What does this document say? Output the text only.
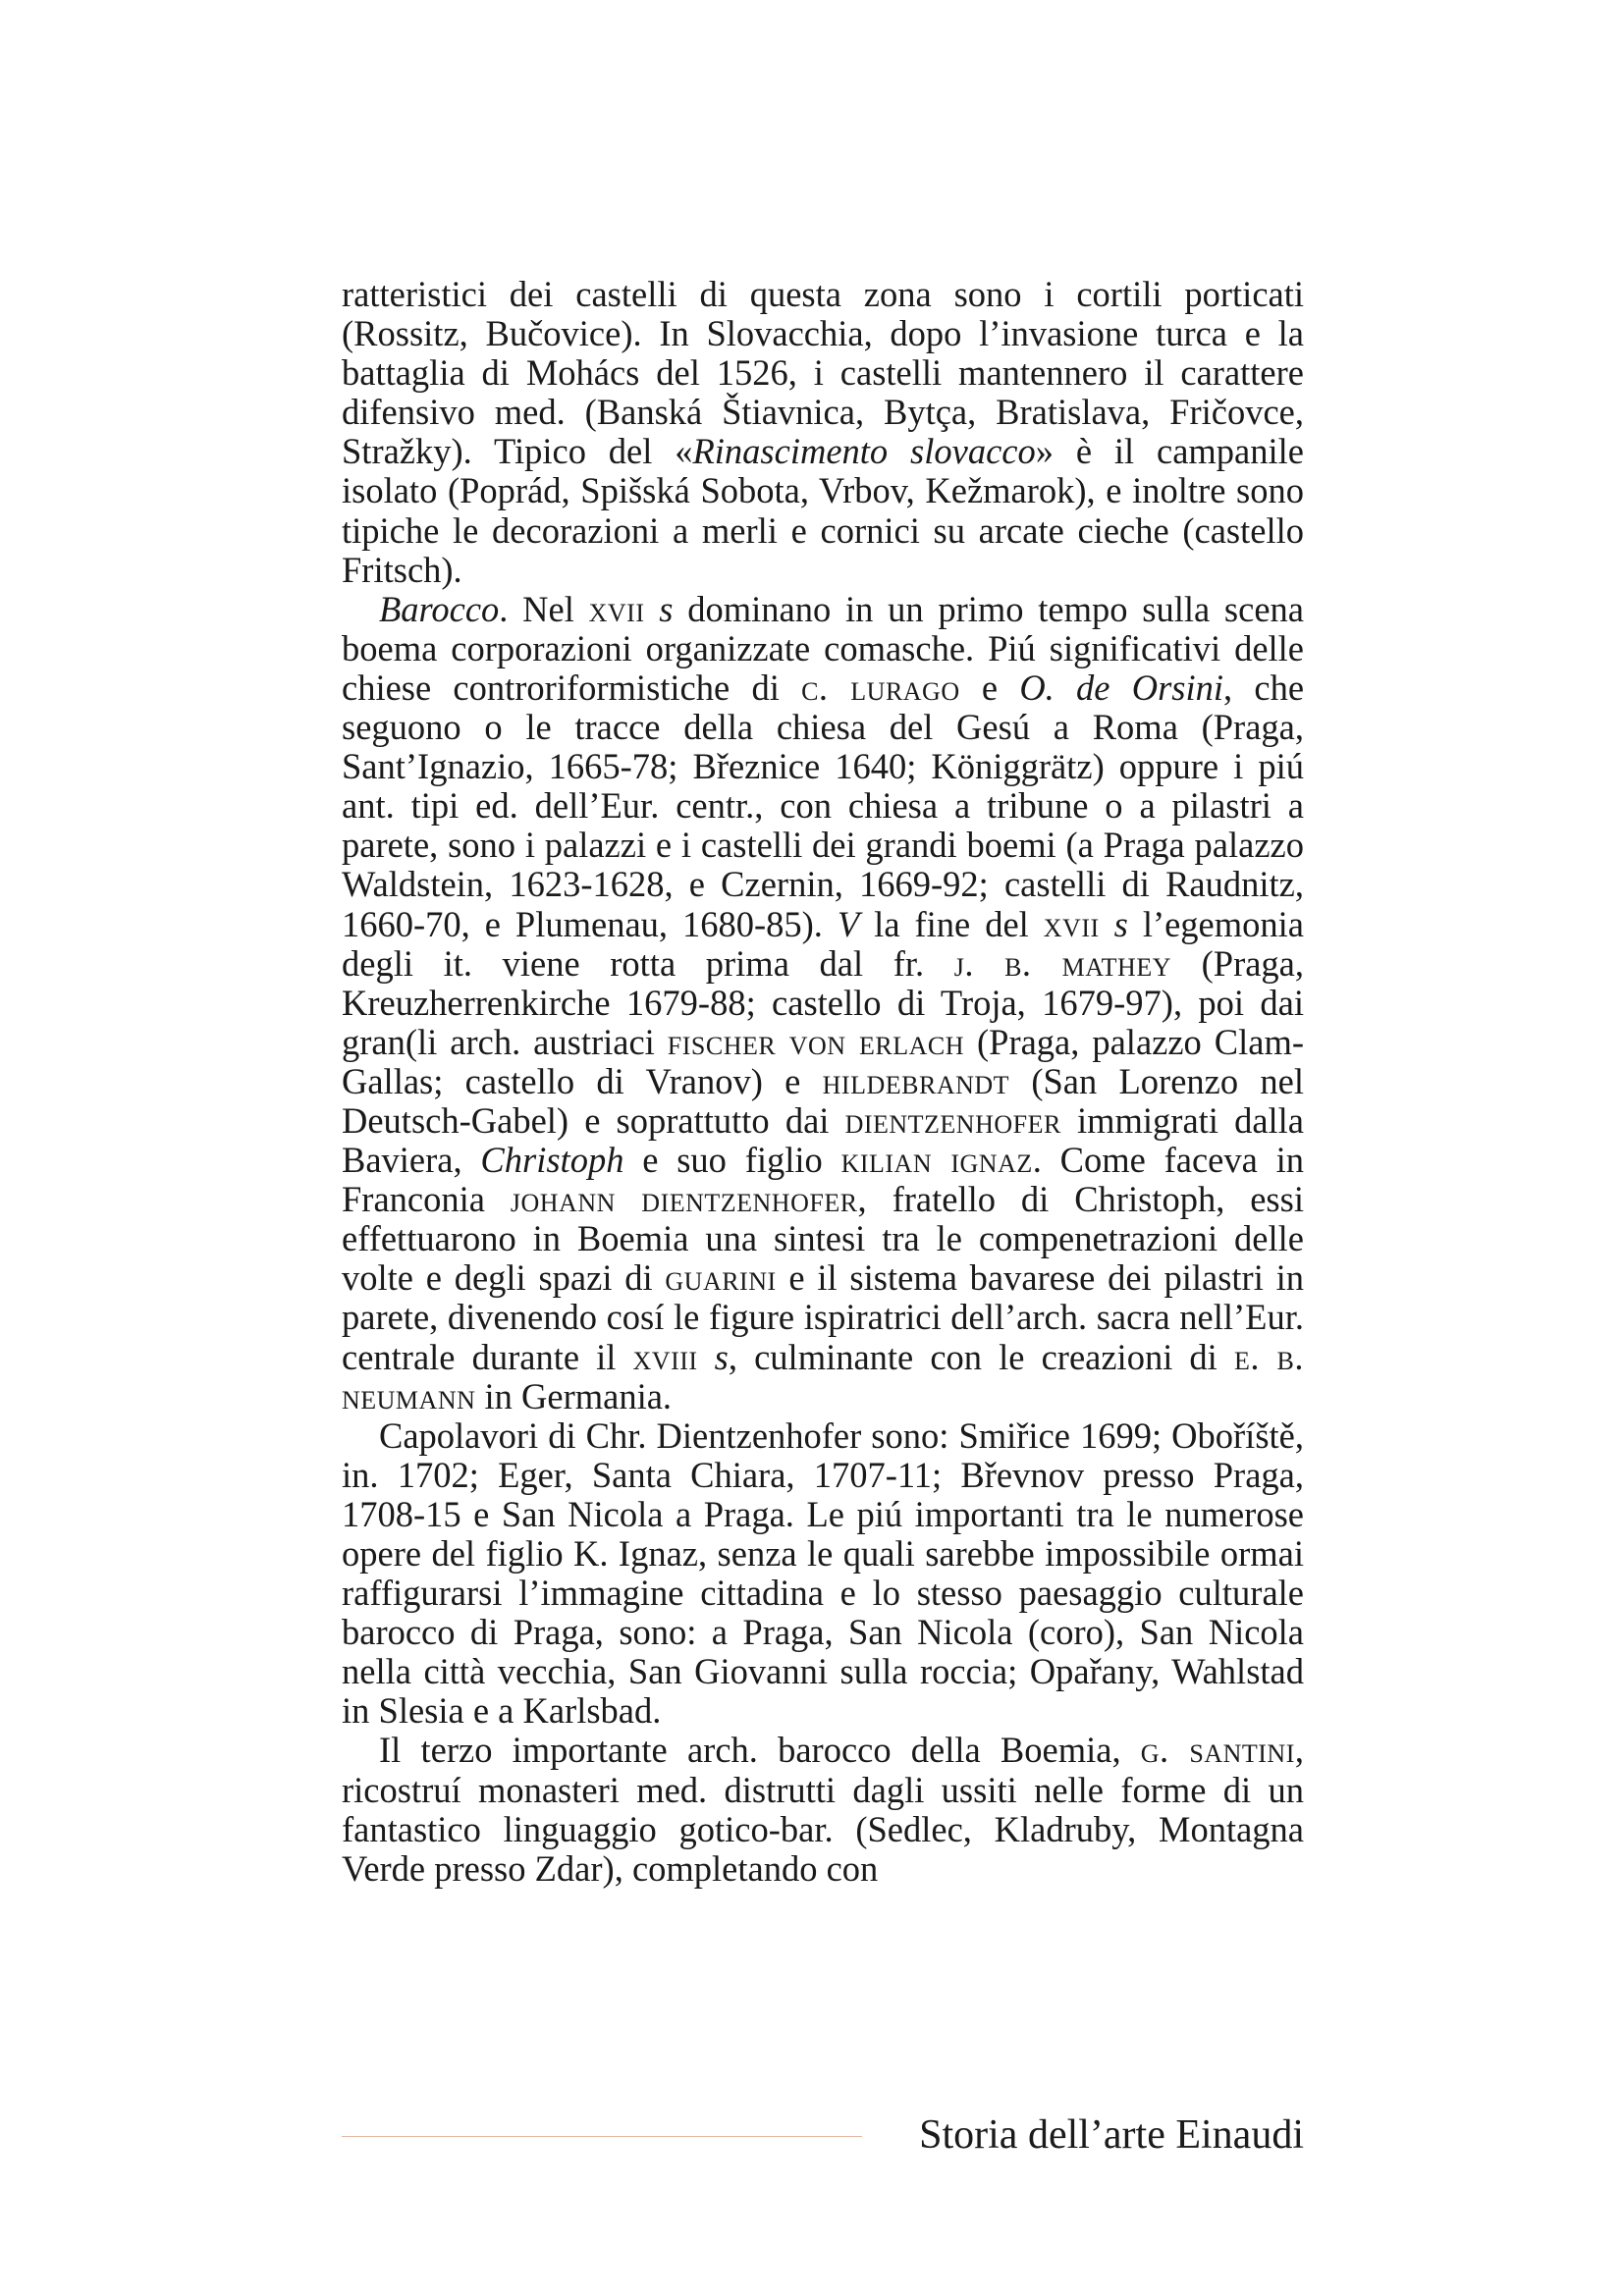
ratteristici dei castelli di questa zona sono i cortili porticati (Rossitz, Bučovice). In Slovacchia, dopo l’invasione turca e la battaglia di Mohács del 1526, i castelli mantennero il carattere difensivo med. (Banská Štiavnica, Bytça, Bratislava, Fričovce, Stražky). Tipico del «Rinascimento slovacco» è il campanile isolato (Poprád, Spišská Sobota, Vrbov, Kežmarok), e inoltre sono tipiche le decorazioni a merli e cornici su arcate cieche (castello Fritsch).

Barocco. Nel xvii s dominano in un primo tempo sulla scena boema corporazioni organizzate comasche. Piú significativi delle chiese controriformistiche di c. lurago e O. de Orsini, che seguono o le tracce della chiesa del Gesú a Roma (Praga, Sant’Ignazio, 1665-78; Březnice 1640; Königgrätz) oppure i piú ant. tipi ed. dell’Eur. centr., con chiesa a tribune o a pilastri a parete, sono i palazzi e i castelli dei grandi boemi (a Praga palazzo Waldstein, 1623-1628, e Czernin, 1669-92; castelli di Raudnitz, 1660-70, e Plumenau, 1680-85). V la fine del xvii s l’egemonia degli it. viene rotta prima dal fr. j. b. mathey (Praga, Kreuzherrenkirche 1679-88; castello di Troja, 1679-97), poi dai gran(li arch. austriaci fischer von erlach (Praga, palazzo Clam-Gallas; castello di Vranov) e hildebrandt (San Lorenzo nel Deutsch-Gabel) e soprattutto dai dientzenhofer immigrati dalla Baviera, Christoph e suo figlio kilian ignaz. Come faceva in Franconia johann dientzenhofer, fratello di Christoph, essi effettuarono in Boemia una sintesi tra le compenetrazioni delle volte e degli spazi di guarini e il sistema bavarese dei pilastri in parete, divenendo cosí le figure ispiratrici dell’arch. sacra nell’Eur. centrale durante il xviii s, culminante con le creazioni di e. b. neumann in Germania.

Capolavori di Chr. Dientzenhofer sono: Smiřice 1699; Oboříště, in. 1702; Eger, Santa Chiara, 1707-11; Břevnov presso Praga, 1708-15 e San Nicola a Praga. Le piú importanti tra le numerose opere del figlio K. Ignaz, senza le quali sarebbe impossibile ormai raffigurarsi l’immagine cittadina e lo stesso paesaggio culturale barocco di Praga, sono: a Praga, San Nicola (coro), San Nicola nella città vecchia, San Giovanni sulla roccia; Opařany, Wahlstad in Slesia e a Karlsbad.

Il terzo importante arch. barocco della Boemia, g. santini, ricostruí monasteri med. distrutti dagli ussiti nelle forme di un fantastico linguaggio gotico-bar. (Sedlec, Kladruby, Montagna Verde presso Zdar), completando con

Storia dell’arte Einaudi
